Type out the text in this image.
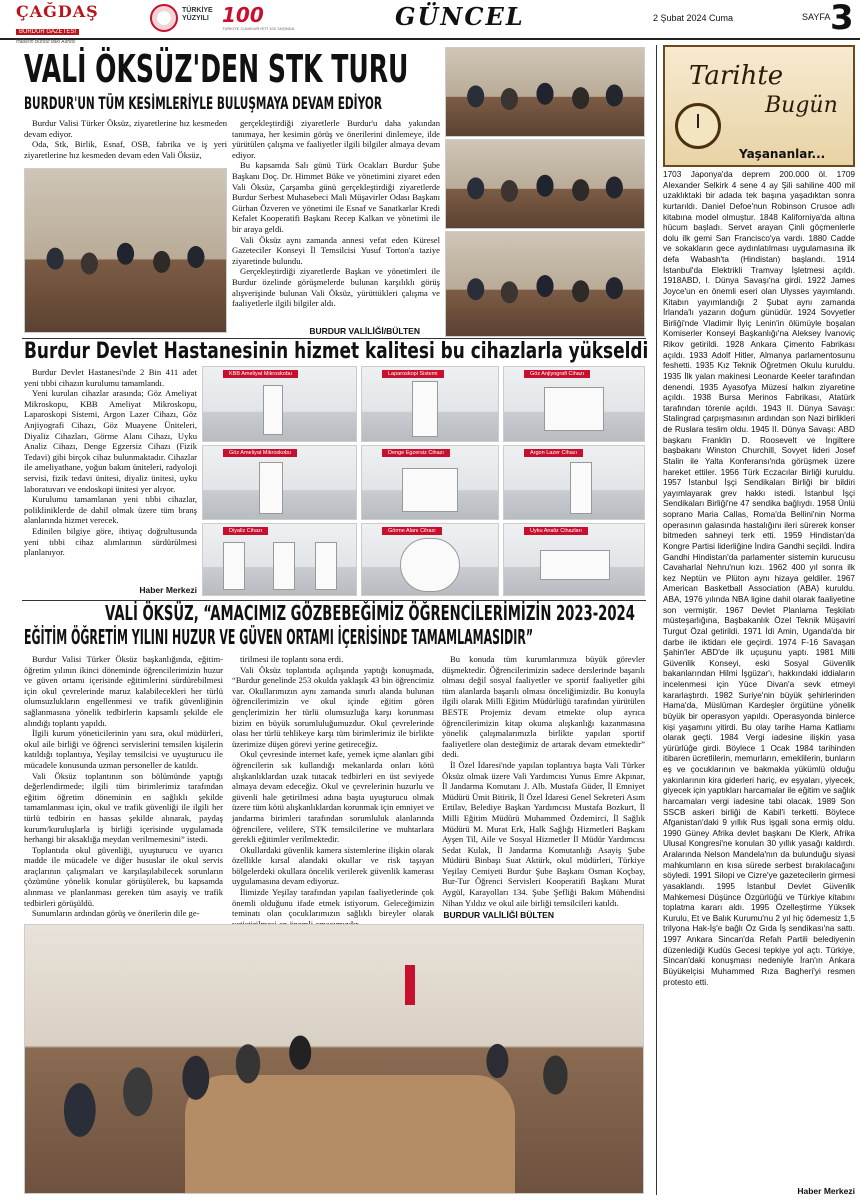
ÇAĞDAŞ
BURDUR GAZETESİ
Haberin Burdur'daki Adresi
TÜRKİYE
YÜZYILI 100
TÜRKİYE CUMHURİYETİ 100 YAŞINDA	GÜNCEL	2 Şubat 2024 Cuma	SAYFA 3
VALİ ÖKSÜZ'DEN STK TURU
BURDUR'UN TÜM KESİMLERİYLE BULUŞMAYA DEVAM EDİYOR

Burdur Valisi Türker Öksüz, ziyaretlerine hız kesmeden devam ediyor.

Oda, Stk, Birlik, Esnaf, OSB, fabrika ve iş yeri ziyaretlerine hız kesmeden devam eden Vali Öksüz,

gerçekleştirdiği ziyaretlerle Burdur'u daha yakından tanımaya, her kesimin görüş ve önerilerini dinlemeye, ilde yürütülen çalışma ve faaliyetler ilgili bilgiler almaya devam ediyor.

Bu kapsamda Salı günü Türk Ocakları Burdur Şube Başkanı Doç. Dr. Himmet Büke ve yönetimini ziyaret eden Vali Öksüz, Çarşamba günü gerçekleştirdiği ziyaretlerde Burdur Serbest Muhasebeci Mali Müşavirler Odası Başkanı Gürhan Özveren ve yönetimi ile Esnaf ve Sanatkarlar Kredi Kefalet Kooperatifi Başkanı Recep Kalkan ve yönetimi ile bir araya geldi.

Vali Öksüz aynı zamanda annesi vefat eden Küresel Gazeteciler Konseyi İl Temsilcisi Yusuf Torton'a taziye ziyaretinde bulundu.

Gerçekleştirdiği ziyaretlerde Başkan ve yönetimleri ile Burdur özelinde görüşmelerde bulunan karşılıklı görüş alışverişinde bulunan Vali Öksüz, yürüttükleri çalışma ve faaliyetlerle ilgili bilgiler aldı.

BURDUR VALİLİĞİ/BÜLTEN
Burdur Devlet Hastanesinin hizmet kalitesi bu cihazlarla yükseldi

Burdur Devlet Hastanesi'nde 2 Bin 411 adet yeni tıbbi cihazın kurulumu tamamlandı.

Yeni kurulan cihazlar arasında; Göz Ameliyat Mikroskopu, KBB Ameliyat Mikroskopu, Laparoskopi Sistemi, Argon Lazer Cihazı, Göz Anjiyografi Cihazı, Göz Muayene Üniteleri, Diyaliz Cihazları, Görme Alanı Cihazı, Uyku Analiz Cihazı, Denge Egzersiz Cihazı (Fizik Tedavi) gibi birçok cihaz bulunmaktadır. Cihazlar ile ameliyathane, yoğun bakım üniteleri, radyoloji servisi, fizik tedavi ünitesi, diyaliz ünitesi, uyku laboratuvarı ve endoskopi ünitesi yer alıyor.

Kurulumu tamamlanan yeni tıbbi cihazlar, polikliniklerde de dahil olmak üzere tüm branş alanlarında hizmet verecek.

Edinilen bilgiye göre, ihtiyaç doğrultusunda yeni tıbbi cihaz alımlarının sürdürülmesi planlanıyor.

Haber Merkezi
KBB Ameliyat Mikroskobu	Laparoskopi Sistemi	Göz Anjiyografi Cihazı
Göz Ameliyat Mikroskobu	Denge Egzersiz Cihazı	Argon Lazer Cihazı
Diyaliz Cihazı	Görme Alanı Cihazı	Uyku Analiz Cihazları
VALİ ÖKSÜZ, “AMACIMIZ GÖZBEBEĞİMİZ ÖĞRENCİLERİMİZİN 2023-2024
EĞİTİM ÖĞRETİM YILINI HUZUR VE GÜVEN ORTAMI İÇERİSİNDE TAMAMLAMASIDIR”

Burdur Valisi Türker Öksüz başkanlığında, eğitim-öğretim yılının ikinci döneminde öğrencilerimizin huzur ve güven ortamı içerisinde eğitimlerini sürdürebilmesi için okul çevrelerinde maruz kalabilecekleri her türlü olumsuzlukların engellenmesi ve trafik güvenliğinin sağlanmasına yönelik tedbirlerin kapsamlı şekilde ele alındığı toplantı yapıldı.

İlgili kurum yöneticilerinin yanı sıra, okul müdürleri, okul aile birliği ve öğrenci servislerini temsilen kişilerin katıldığı toplantıya, Yeşilay temsilcisi ve uyuşturucu ile mücadele konusunda uzman personeller de katıldı.

Vali Öksüz toplantının son bölümünde yaptığı değerlendirmede; ilgili tüm birimlerimiz tarafından eğitim öğretim döneminin en sağlıklı şekilde tamamlanması için, okul ve trafik güvenliği ile ilgili her türlü tedbirin en hassas şekilde alınarak, paydaş kurum/kuruluşlarla iş birliği içerisinde uygulamada herhangi bir aksaklığa meydan verilmemesini” istedi.

Toplantıda okul güvenliği, uyuşturucu ve uyarıcı madde ile mücadele ve diğer hususlar ile okul servis araçlarının çalışmaları ve karşılaşılabilecek sorunların çözümüne yönelik konular görüşülerek, bu kapsamda alınması ve planlanması gereken tüm asayiş ve trafik tedbirleri görüşüldü.

Sunumların ardından görüş ve önerilerin dile ge-

tirilmesi ile toplantı sona erdi.

Vali Öksüz toplantıda açılışında yaptığı konuşmada, “Burdur genelinde 253 okulda yaklaşık 43 bin öğrencimiz var. Okullarımızın aynı zamanda sınırlı alanda bulunan öğrencilerimizin ve okul içinde eğitim gören gençlerimizin her türlü olumsuzluğa karşı korunması bizim en büyük sorumluluğumuzdur. Okul çevrelerinde olası her türlü tehlikeye karşı tüm birimlerimiz ile birlikte üzerimize düşen görevi yerine getireceğiz.

Okul çevresinde internet kafe, yemek içme alanları gibi öğrencilerin sık kullandığı mekanlarda onları kötü alışkanlıklardan uzak tutacak tedbirleri en üst seviyede almaya devam edeceğiz. Okul ve çevrelerinin huzurlu ve güvenli hale getirilmesi adına başta uyuşturucu olmak üzere tüm kötü alışkanlıklardan korunmak için emniyet ve jandarma birimleri tarafından sorumluluk alanlarında öğrencilere, velilere, STK temsilcilerine ve muhtarlara gerekli eğitimler verilmektedir.

Okullardaki güvenlik kamera sistemlerine ilişkin olarak özellikle kırsal alandaki okullar ve risk taşıyan bölgelerdeki okullara öncelik verilerek güvenlik kamerası uygulamasına devam ediyoruz.

İlimizde Yeşilay tarafından yapılan faaliyetlerinde çok önemli olduğunu ifade etmek istiyorum. Geleceğimizin teminatı olan çocuklarımızın sağlıklı bireyler olarak

Bu konuda tüm kurumlarımıza büyük görevler düşmektedir. Öğrencilerimizin sadece derslerinde başarılı olması değil sosyal faaliyetler ve sportif faaliyetler gibi tüm alanlarda başarılı olması önceliğimizdir. Bu konuyla ilgili olarak Milli Eğitim Müdürlüğü tarafından yürütülen BESTE Projemiz devam etmekte olup ayrıca öğrencilerimizin kitap okuma alışkanlığı kazanmasına yönelik çalışmalarımızla birlikte yapılan sportif faaliyetlere olan desteğimiz de artarak devam etmektedir” dedi.

İl Özel İdaresi'nde yapılan toplantıya başta Vali Türker Öksüz olmak üzere Vali Yardımcısı Yunus Emre Akpınar, İl Jandarma Komutanı J. Alb. Mustafa Güder, İl Emniyet Müdürü Ümit Bitirik, İl Özel İdaresi Genel Sekreteri Asım Ertilav, Belediye Başkan Yardımcısı Mustafa Bozkurt, İl Milli Eğitim Müdürü Muhammed Özdemirci, İl Sağlık Müdürü M. Murat Erk, Halk Sağlığı Hizmetleri Başkanı Ayşen Til, Aile ve Sosyal Hizmetler İl Müdür Yardımcısı Sedat Kulak, İl Jandarma Komutanlığı Asayiş Şube Müdürü Binbaşı Suat Aktürk, okul müdürleri, Türkiye Yeşilay Cemiyeti Burdur Şube Başkanı Osman Koçbay, Bur-Tur Öğrenci Servisleri Kooperatifi Başkanı Murat Aygül, Karayolları 134. Şube Şefliği Bakım Mühendisi Nihan Yıldız ve okul aile birliği temsilcileri katıldı.

BURDUR VALİLİĞİ BÜLTEN
Tarihte
Bugün
Yaşananlar...
1703 Japonya'da deprem 200.000 öl. 1709 Alexander Selkirk 4 sene 4 ay Şili sahiline 400 mil uzaklıktaki bir adada tek başına yaşadıktan sonra kurtarıldı. Daniel Defoe'nun Robinson Crusoe adlı kitabına model olmuştur. 1848 Kaliforniya'da altına hücum başladı. Servet arayan Çinli göçmenlerle dolu ilk gemi San Francisco'ya vardı. 1880 Cadde ve sokakların gece aydınlatılması uygulamasına ilk defa Wabash'ta (Hindistan) başlandı. 1914 İstanbul'da Elektrikli Tramvay İşletmesi açıldı. 1918ABD, I. Dünya Savaşı'na girdi. 1922 James Joyce'un en önemli eseri olan Ulysses yayımlandı. Kitabın yayımlandığı 2 Şubat aynı zamanda İrlanda'lı yazarın doğum günüdür. 1924 Sovyetler Birliği'nde Vladimir İlyiç Lenin'in ölümüyle boşalan Komiserler Konseyi Başkanlığı'na Aleksey İvanoviç Rikov getirildi. 1928 Ankara Çimento Fabrikası açıldı. 1933 Adolf Hitler, Almanya parlamentosunu feshetti. 1935 Kız Teknik Öğretmen Okulu kuruldu. 1935 İlk yalan makinesi Leonarde Keeler tarafından denendi. 1935 Ayasofya Müzesi halkın ziyaretine açıldı. 1938 Bursa Merinos Fabrikası, Atatürk tarafından törenle açıldı. 1943 II. Dünya Savaşı: Stalingrad çarpışmasının ardından son Nazi birlikleri de Ruslara teslim oldu. 1945 II. Dünya Savaşı: ABD başkanı Franklin D. Roosevelt ve İngiltere başbakanı Winston Churchill, Sovyet lideri Josef Stalin ile Yalta Konferansı'nda görüşmek üzere hareket ettiler. 1956 Türk Eczacılar Birliği kuruldu. 1957 İstanbul İşçi Sendikaları Birliği bir bildiri yayımlayarak grev hakkı istedi. İstanbul İşçi Sendikaları Birliği'ne 47 sendika bağlıydı. 1958 Ünlü soprano Maria Callas, Roma'da Bellini'nin Norma operasının galasında hastalığını ileri sürerek konser bitmeden sahneyi terk etti. 1959 Hindistan'da Kongre Partisi liderliğine İndira Gandhi seçildi. İndira Gandhi Hindistan'da parlamenter sistemin kurucusu Cavaharlal Nehru'nun kızı. 1962 400 yıl sonra ilk kez Neptün ve Plüton aynı hizaya geldiler. 1967 American Basketball Association (ABA) kuruldu. ABA, 1976 yılında NBA ligine dahil olarak faaliyetine son vermiştir. 1967 Devlet Planlama Teşkilatı müsteşarlığına, Başbakanlık Özel Teknik Müşaviri Turgut Özal getirildi. 1971 İdi Amin, Uganda'da bir darbe ile iktidarı ele geçirdi. 1974 F-16 Savaşan Şahin'ler ABD'de ilk uçuşunu yaptı. 1981 Milli Güvenlik Konseyi, eski Sosyal Güvenlik bakanlarından Hilmi İşgüzar'ı, hakkındaki iddiaların incelenmesi için Yüce Divan'a sevk etmeyi kararlaştırdı. 1982 Suriye'nin büyük şehirlerinden Hama'da, Müslüman Kardeşler örgütüne yönelik büyük bir operasyon yapıldı. Operasyonda binlerce kişi yaşamını yitirdi. Bu olay tarihe Hama Katliamı olarak geçti. 1984 Vergi iadesine ilişkin yasa yürürlüğe girdi. Böylece 1 Ocak 1984 tarihinden itibaren ücretlilerin, memurların, emeklilerin, bunların eş ve çocuklarının ve bakmakla yükümlü olduğu yakınlarının kira giderleri hariç, ev eşyaları, yiyecek, giyecek için yaptıkları harcamalar ile eğitim ve sağlık harcamaları vergi iadesine tabi olacak. 1989 Son SSCB askeri birliği de Kabil'i terketti. Böylece Afganistan'daki 9 yıllık Rus işgali sona ermiş oldu. 1990 Güney Afrika devlet başkanı De Klerk, Afrika Ulusal Kongresi'ne konulan 30 yıllık yasağı kaldırdı. Aralarında Nelson Mandela'nın da bulunduğu siyasi mahkumların en kısa sürede serbest bırakılacağını söyledi. 1991 Silopi ve Cizre'ye gazetecilerin girmesi yasaklandı. 1995 İstanbul Devlet Güvenlik Mahkemesi Düşünce Özgürlüğü ve Türkiye kitabını toplatma kararı aldı. 1995 Özelleştirme Yüksek Kurulu, Et ve Balık Kurumu'nu 2 yıl hiç ödemesiz 1,5 trilyona Hak-İş'e bağlı Öz Gıda İş sendikası'na sattı. 1997 Ankara Sincan'da Refah Partili belediyenin düzenlediği Kudüs Gecesi tepkiye yol açtı. Türkiye, Sincan'daki konuşması nedeniyle İran'ın Ankara Büyükelçisi Muhammed Rıza Bagheri'yi resmen protesto etti.
Haber Merkezi
